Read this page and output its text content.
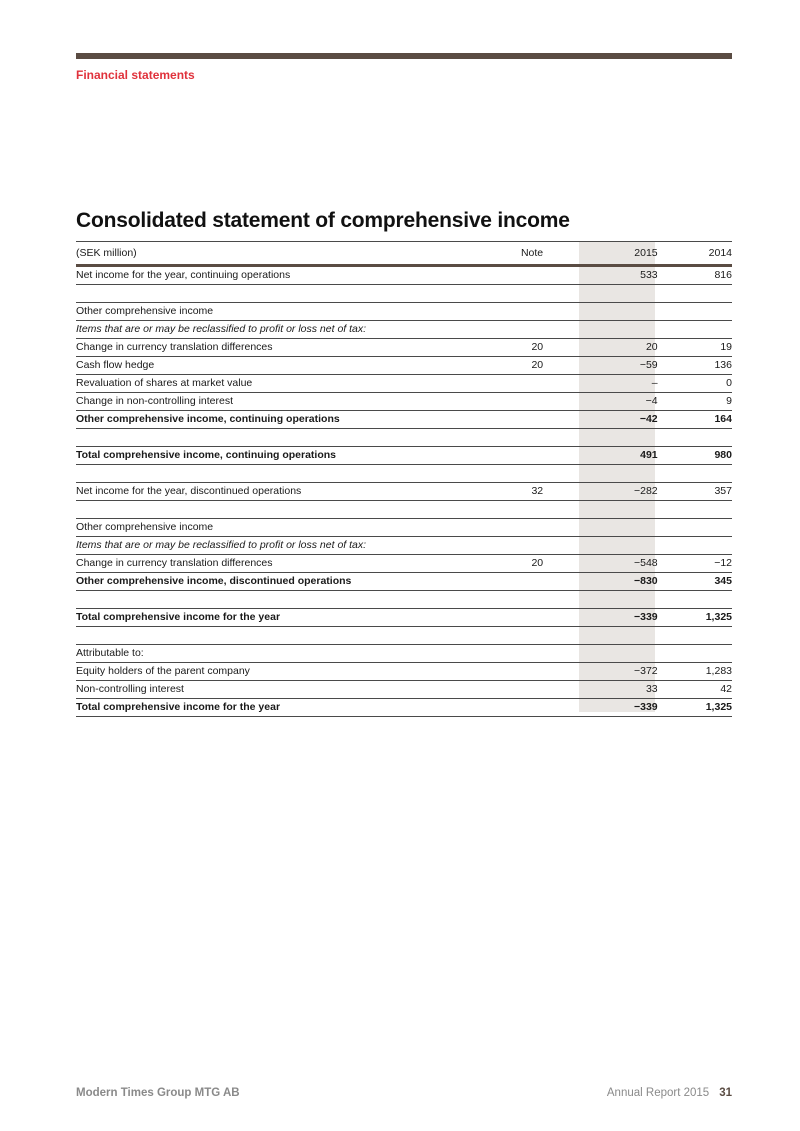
Financial statements
Consolidated statement of comprehensive income
(SEK million)	Note		2015	2014
Net income for the year, continuing operations			533	816

Other comprehensive income				
Items that are or may be reclassified to profit or loss net of tax:				
Change in currency translation differences	20		20	19
Cash flow hedge	20		−59	136
Revaluation of shares at market value			–	0
Change in non-controlling interest			−4	9
Other comprehensive income, continuing operations			−42	164

Total comprehensive income, continuing operations			491	980

Net income for the year, discontinued operations	32		−282	357

Other comprehensive income				
Items that are or may be reclassified to profit or loss net of tax:				
Change in currency translation differences	20		−548	−12
Other comprehensive income, discontinued operations			−830	345

Total comprehensive income for the year			−339	1,325

Attributable to:				
Equity holders of the parent company			−372	1,283
Non-controlling interest			33	42
Total comprehensive income for the year			−339	1,325
Modern Times Group MTG AB	Annual Report 2015 31
